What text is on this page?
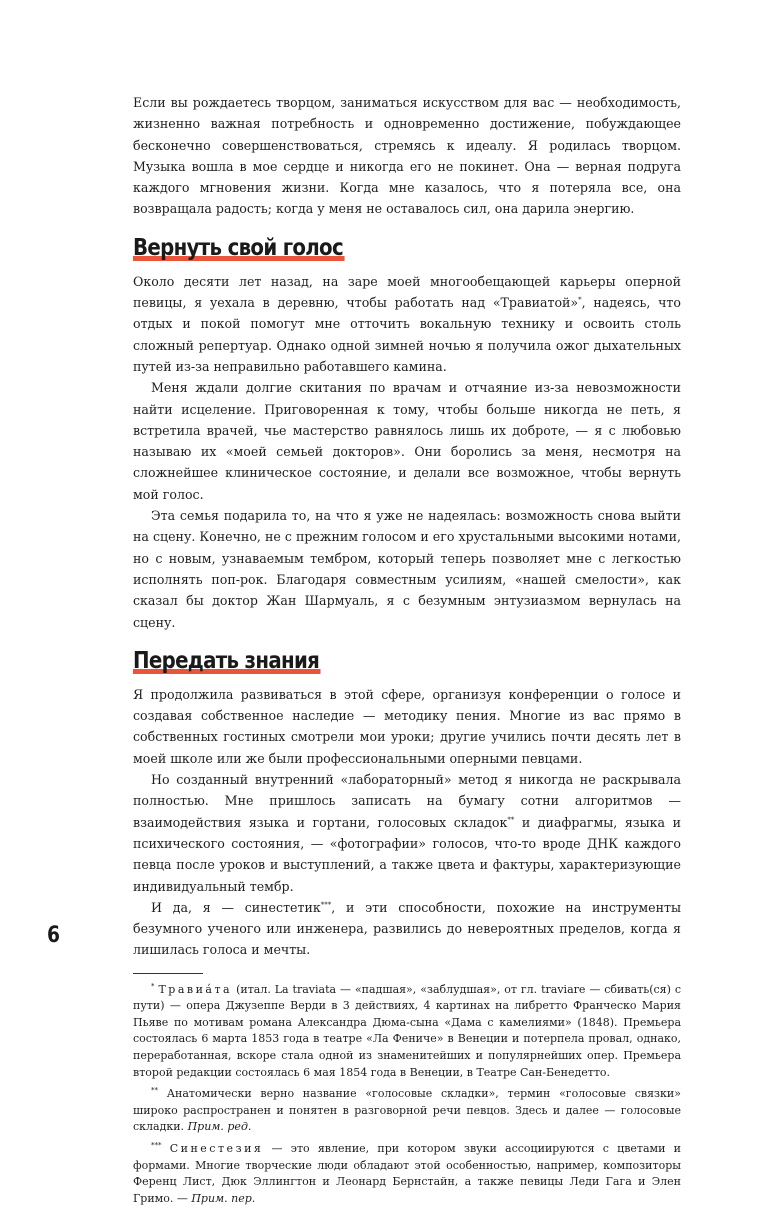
Если вы рождаетесь творцом, заниматься искусством для вас — необходимость, жизненно важная потребность и одновременно достижение, побуждающее бесконечно совершенствоваться, стремясь к идеалу. Я родилась творцом. Музыка вошла в мое сердце и никогда его не покинет. Она — верная подруга каждого мгновения жизни. Когда мне казалось, что я потеряла все, она возвращала радость; когда у меня не оставалось сил, она дарила энергию.

Вернуть свой голос

Около десяти лет назад, на заре моей многообещающей карьеры оперной певицы, я уехала в деревню, чтобы работать над «Травиатой»*, надеясь, что отдых и покой помогут мне отточить вокальную технику и освоить столь сложный репертуар. Однако одной зимней ночью я получила ожог дыхательных путей из-за неправильно работавшего камина.

Меня ждали долгие скитания по врачам и отчаяние из-за невозможности найти исцеление. Приговоренная к тому, чтобы больше никогда не петь, я встретила врачей, чье мастерство равнялось лишь их доброте, — я с любовью называю их «моей семьей докторов». Они боролись за меня, несмотря на сложнейшее клиническое состояние, и делали все возможное, чтобы вернуть мой голос.

Эта семья подарила то, на что я уже не надеялась: возможность снова выйти на сцену. Конечно, не с прежним голосом и его хрустальными высокими нотами, но с новым, узнаваемым тембром, который теперь позволяет мне с легкостью исполнять поп-рок. Благодаря совместным усилиям, «нашей смелости», как сказал бы доктор Жан Шармуаль, я с безумным энтузиазмом вернулась на сцену.

Передать знания

Я продолжила развиваться в этой сфере, организуя конференции о голосе и создавая собственное наследие — методику пения. Многие из вас прямо в собственных гостиных смотрели мои уроки; другие учились почти десять лет в моей школе или же были профессиональными оперными певцами.

Но созданный внутренний «лабораторный» метод я никогда не раскрывала полностью. Мне пришлось записать на бумагу сотни алгоритмов — взаимодействия языка и гортани, голосовых складок** и диафрагмы, языка и психического состояния, — «фотографии» голосов, что-то вроде ДНК каждого певца после уроков и выступлений, а также цвета и фактуры, характеризующие индивидуальный тембр.

И да, я — синестетик***, и эти способности, похожие на инструменты безумного ученого или инженера, развились до невероятных пределов, когда я лишилась голоса и мечты.

* Травиáта (итал. La traviata — «падшая», «заблудшая», от гл. traviare — сбивать(ся) с пути) — опера Джузеппе Верди в 3 действиях, 4 картинах на либретто Франческо Мария Пьяве по мотивам романа Александра Дюма-сына «Дама с камелиями» (1848). Премьера состоялась 6 марта 1853 года в театре «Ла Фениче» в Венеции и потерпела провал, однако, переработанная, вскоре стала одной из знаменитейших и популярнейших опер. Премьера второй редакции состоялась 6 мая 1854 года в Венеции, в Театре Сан-Бенедетто.

** Анатомически верно название «голосовые складки», термин «голосовые связки» широко распространен и понятен в разговорной речи певцов. Здесь и далее — голосовые складки. Прим. ред.

*** Синестезия — это явление, при котором звуки ассоциируются с цветами и формами. Многие творческие люди обладают этой особенностью, например, композиторы Ференц Лист, Дюк Эллингтон и Леонард Бернстайн, а также певицы Леди Гага и Элен Гримо. — Прим. пер.

6
